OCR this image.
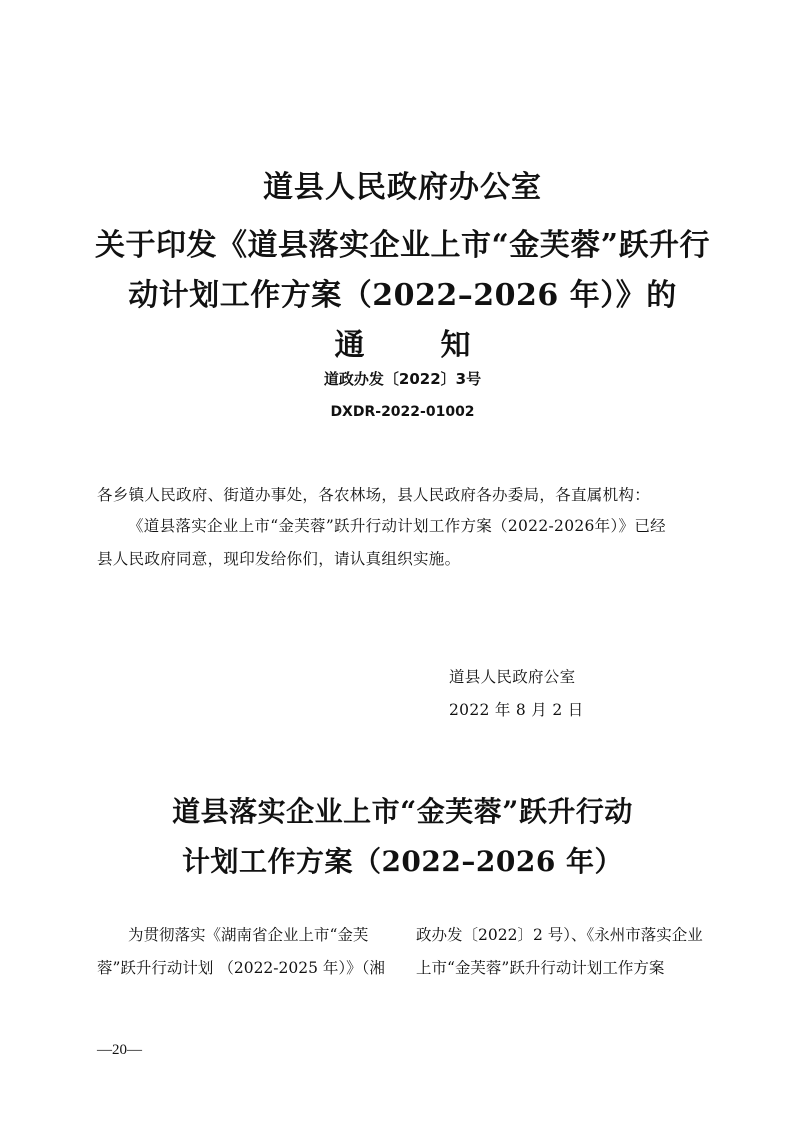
道县人民政府办公室
关于印发《道县落实企业上市“金芙蓉”跃升行
动计划工作方案（2022–2026 年）》的
通	知
道政办发〔2022〕3号
DXDR-2022-01002
各乡镇人民政府、街道办事处，各农林场，县人民政府各办委局，各直属机构：
《道县落实企业上市“金芙蓉”跃升行动计划工作方案（2022-2026年）》已经
县人民政府同意，现印发给你们，请认真组织实施。
道县人民政府公室
2022 年 8 月 2 日
道县落实企业上市“金芙蓉”跃升行动
计划工作方案（2022–2026 年）
为贯彻落实《湖南省企业上市“金芙
蓉”跃升行动计划 （2022-2025 年）》（湘
政办发〔2022〕2 号）、《永州市落实企业
上市“金芙蓉”跃升行动计划工作方案
—20—
